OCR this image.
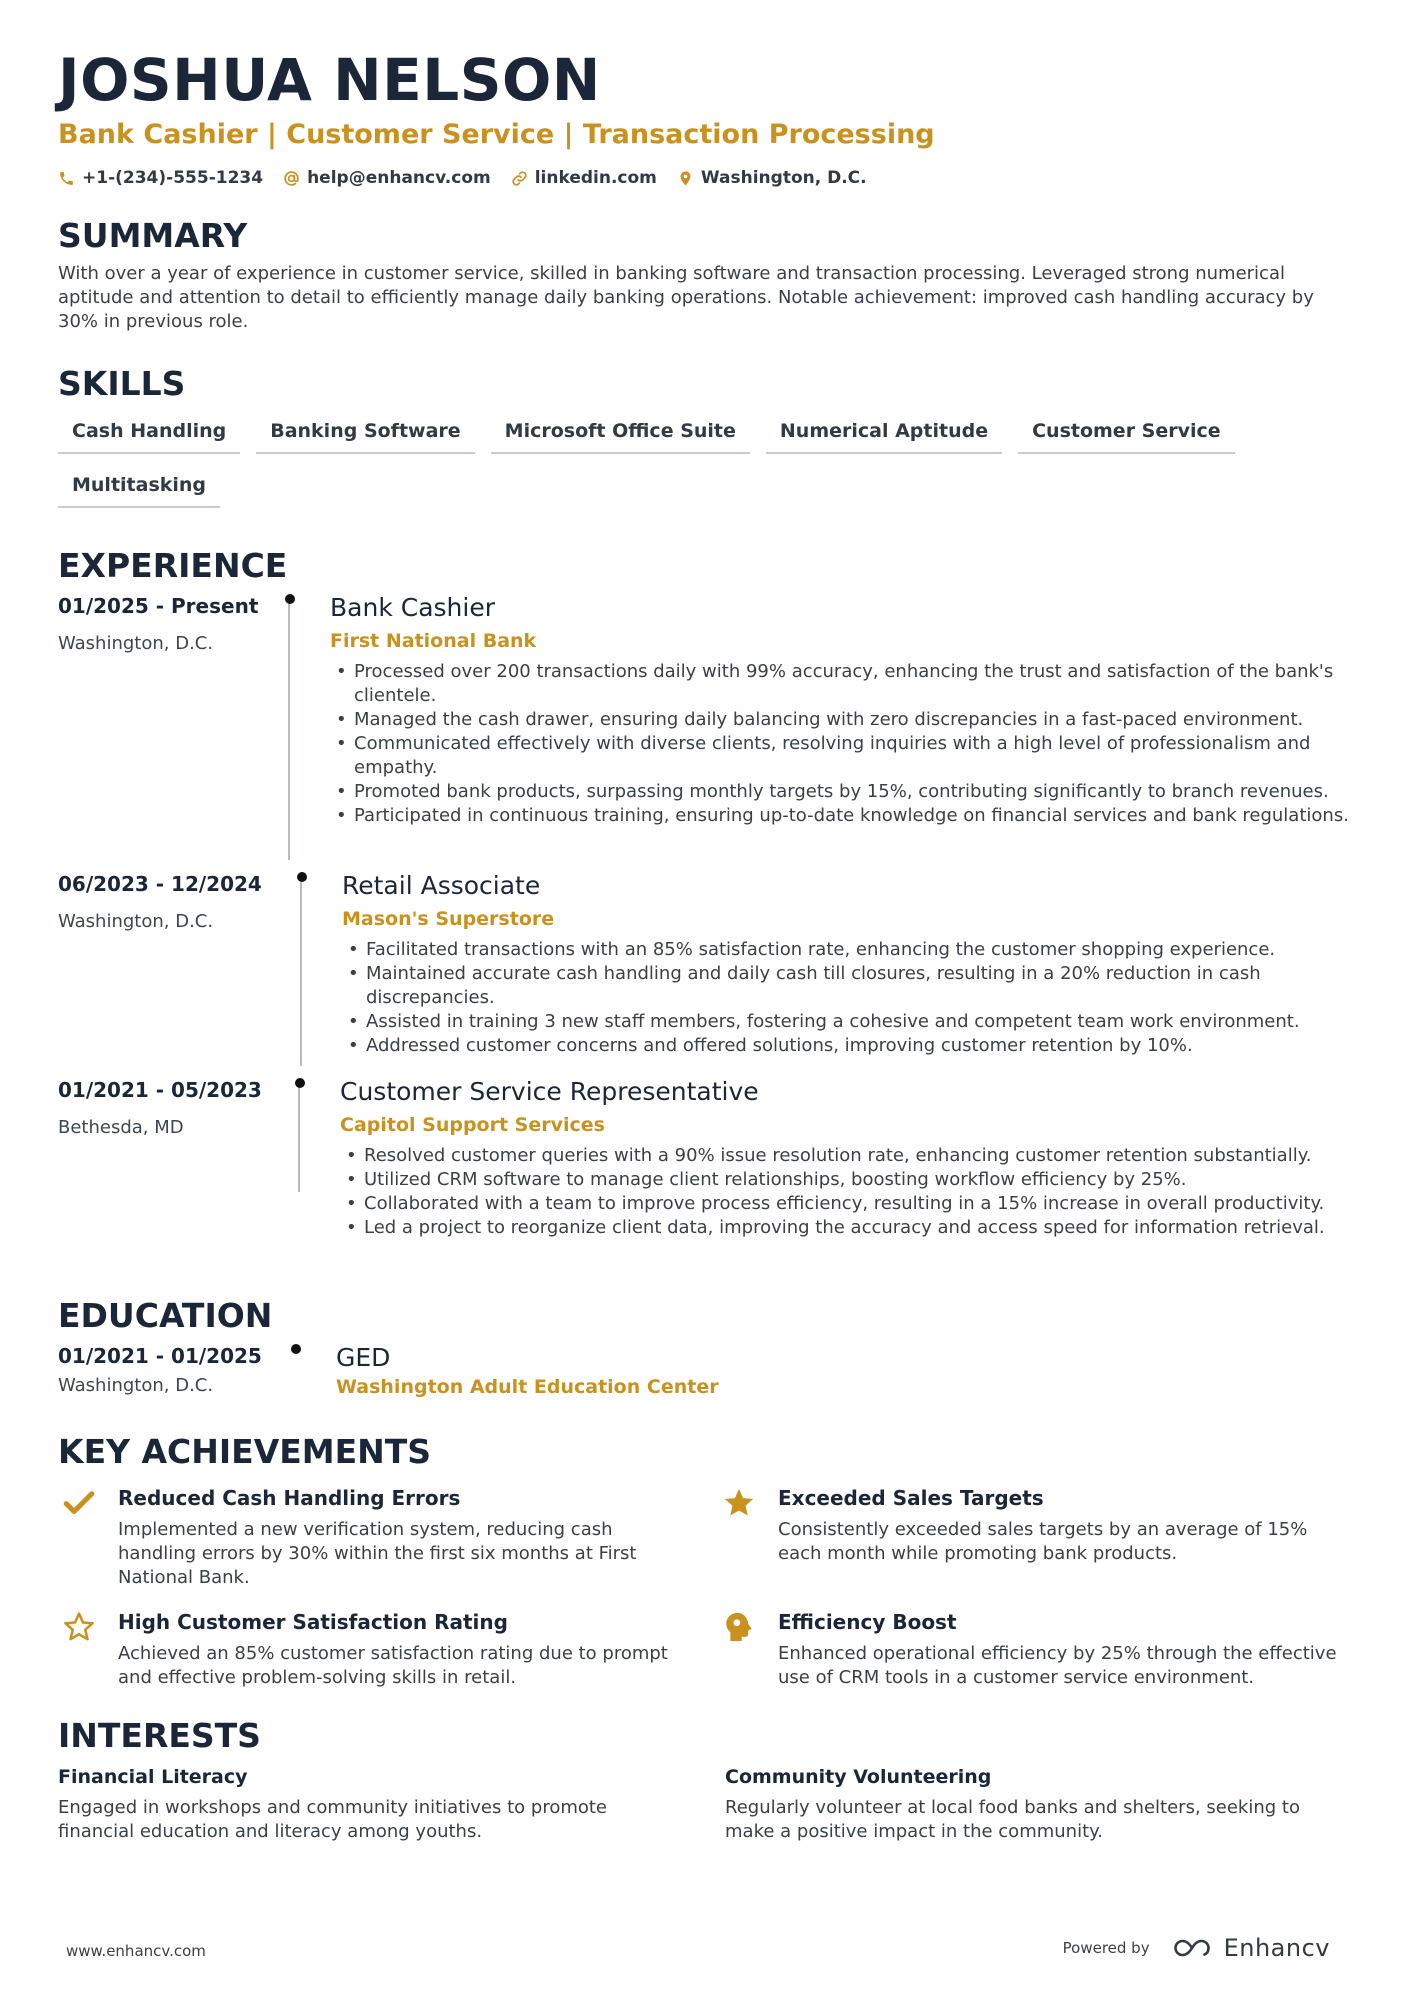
JOSHUA NELSON
Bank Cashier | Customer Service | Transaction Processing
+1-(234)-555-1234	help@enhancv.com	linkedin.com	Washington, D.C.
SUMMARY
With over a year of experience in customer service, skilled in banking software and transaction processing. Leveraged strong numerical aptitude and attention to detail to efficiently manage daily banking operations. Notable achievement: improved cash handling accuracy by 30% in previous role.
SKILLS
Cash Handling	Banking Software	Microsoft Office Suite	Numerical Aptitude	Customer Service
Multitasking
EXPERIENCE
01/2025 - Present
Washington, D.C.
Bank Cashier
First National Bank
• Processed over 200 transactions daily with 99% accuracy, enhancing the trust and satisfaction of the bank's clientele.
• Managed the cash drawer, ensuring daily balancing with zero discrepancies in a fast-paced environment.
• Communicated effectively with diverse clients, resolving inquiries with a high level of professionalism and empathy.
• Promoted bank products, surpassing monthly targets by 15%, contributing significantly to branch revenues.
• Participated in continuous training, ensuring up-to-date knowledge on financial services and bank regulations.
06/2023 - 12/2024
Washington, D.C.
Retail Associate
Mason's Superstore
• Facilitated transactions with an 85% satisfaction rate, enhancing the customer shopping experience.
• Maintained accurate cash handling and daily cash till closures, resulting in a 20% reduction in cash discrepancies.
• Assisted in training 3 new staff members, fostering a cohesive and competent team work environment.
• Addressed customer concerns and offered solutions, improving customer retention by 10%.
01/2021 - 05/2023
Bethesda, MD
Customer Service Representative
Capitol Support Services
• Resolved customer queries with a 90% issue resolution rate, enhancing customer retention substantially.
• Utilized CRM software to manage client relationships, boosting workflow efficiency by 25%.
• Collaborated with a team to improve process efficiency, resulting in a 15% increase in overall productivity.
• Led a project to reorganize client data, improving the accuracy and access speed for information retrieval.
EDUCATION
01/2021 - 01/2025
Washington, D.C.
GED
Washington Adult Education Center
KEY ACHIEVEMENTS
Reduced Cash Handling Errors
Implemented a new verification system, reducing cash handling errors by 30% within the first six months at First National Bank.
Exceeded Sales Targets
Consistently exceeded sales targets by an average of 15% each month while promoting bank products.
High Customer Satisfaction Rating
Achieved an 85% customer satisfaction rating due to prompt and effective problem-solving skills in retail.
Efficiency Boost
Enhanced operational efficiency by 25% through the effective use of CRM tools in a customer service environment.
INTERESTS
Financial Literacy
Engaged in workshops and community initiatives to promote financial education and literacy among youths.
Community Volunteering
Regularly volunteer at local food banks and shelters, seeking to make a positive impact in the community.
www.enhancv.com	Powered by	Enhancv
